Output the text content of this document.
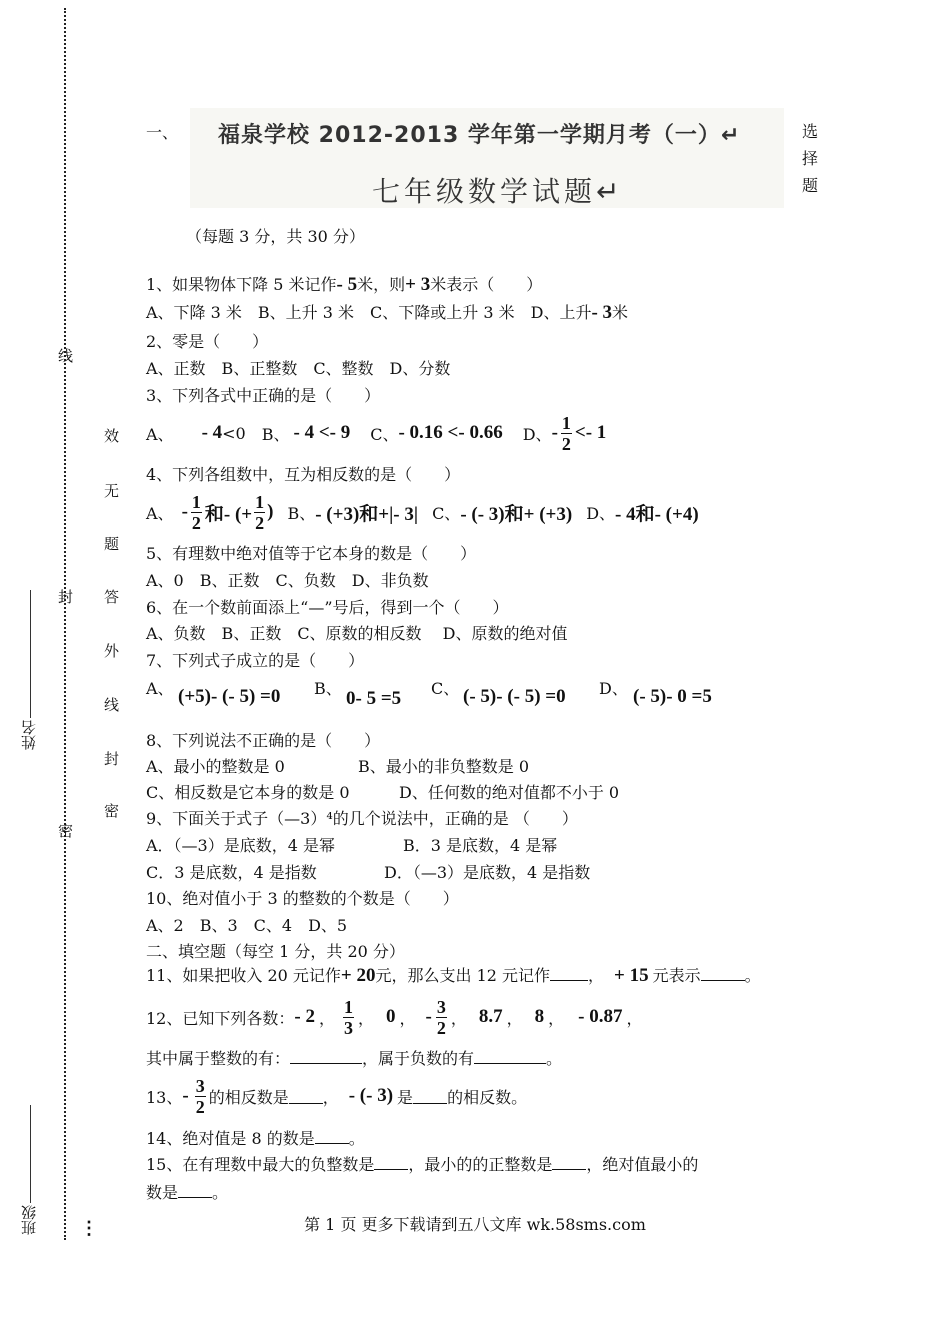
线
效
无
题
答
外
线
封
密
封
密
姓名
班级 ⋮
一、 福泉学校 2012-2013 学年第一学期月考（一）↵
七年级数学试题↵
选
择
题
（每题 3 分，共 30 分）
1、如果物体下降 5 米记作- 5米，则+ 3米表示（　　）
A、下降 3 米　B、上升 3 米　C、下降或上升 3 米　D、上升- 3米
2、零是（　　）
A、正数　B、正整数　C、整数　D、分数
3、下列各式中正确的是（　　）
A、 - 4 <0 B、 - 4 <- 9 C、 - 0.16 <- 0.66 D、 - $\frac{1}{2} <- 1$
4、下列各组数中，互为相反数的是（　　）
A、 - $\frac{1}{2}$ 和- (+ $\frac{1}{2}$ ) B、 - (+3)和+|- 3| C、 - (- 3)和+ (+3) D、 - 4和- (+4)
5、有理数中绝对值等于它本身的数是（　　）
A、0　B、正数　C、负数　D、非负数
6、在一个数前面添上“—”号后，得到一个（　　）
A、负数　B、正数　C、原数的相反数　 D、原数的绝对值
7、下列式子成立的是（　　）
A、 (+5)- (- 5) =0 B、 0- 5 =5 C、 (- 5)- (- 5) =0 D、 (- 5)- 0 =5
8、下列说法不正确的是（　　）
A、最小的整数是 0	B、最小的非负整数是 0
C、相反数是它本身的数是 0	D、任何数的绝对值都不小于 0
9、下面关于式子（—3）⁴的几个说法中，正确的是 （　　）
A．（—3）是底数，4 是幂	B．3 是底数，4 是幂
C．3 是底数，4 是指数	D．（—3）是底数，4 是指数
10、绝对值小于 3 的整数的个数是（　　）
A、2　B、3　C、4　D、5
二、填空题（每空 1 分，共 20 分）
11、如果把收入 20 元记作+ 20元，那么支出 12 元记作 ， + 15 元表示	。
12、已知下列各数： - 2 ， $\frac{1}{3}$ ， 0 ， - $\frac{3}{2}$ ， 8.7 ， 8 ， - 0.87 ，
其中属于整数的有：	，属于负数的有	。
13、 - $\frac{3}{2}$ 的相反数是 ， - (- 3) 是 的相反数。
14、绝对值是 8 的数是 。
15、在有理数中最大的负整数是 ，最小的的正整数是 ，绝对值最小的
数是 。
第 1 页 更多下载请到五八文库 wk.58sms.com
